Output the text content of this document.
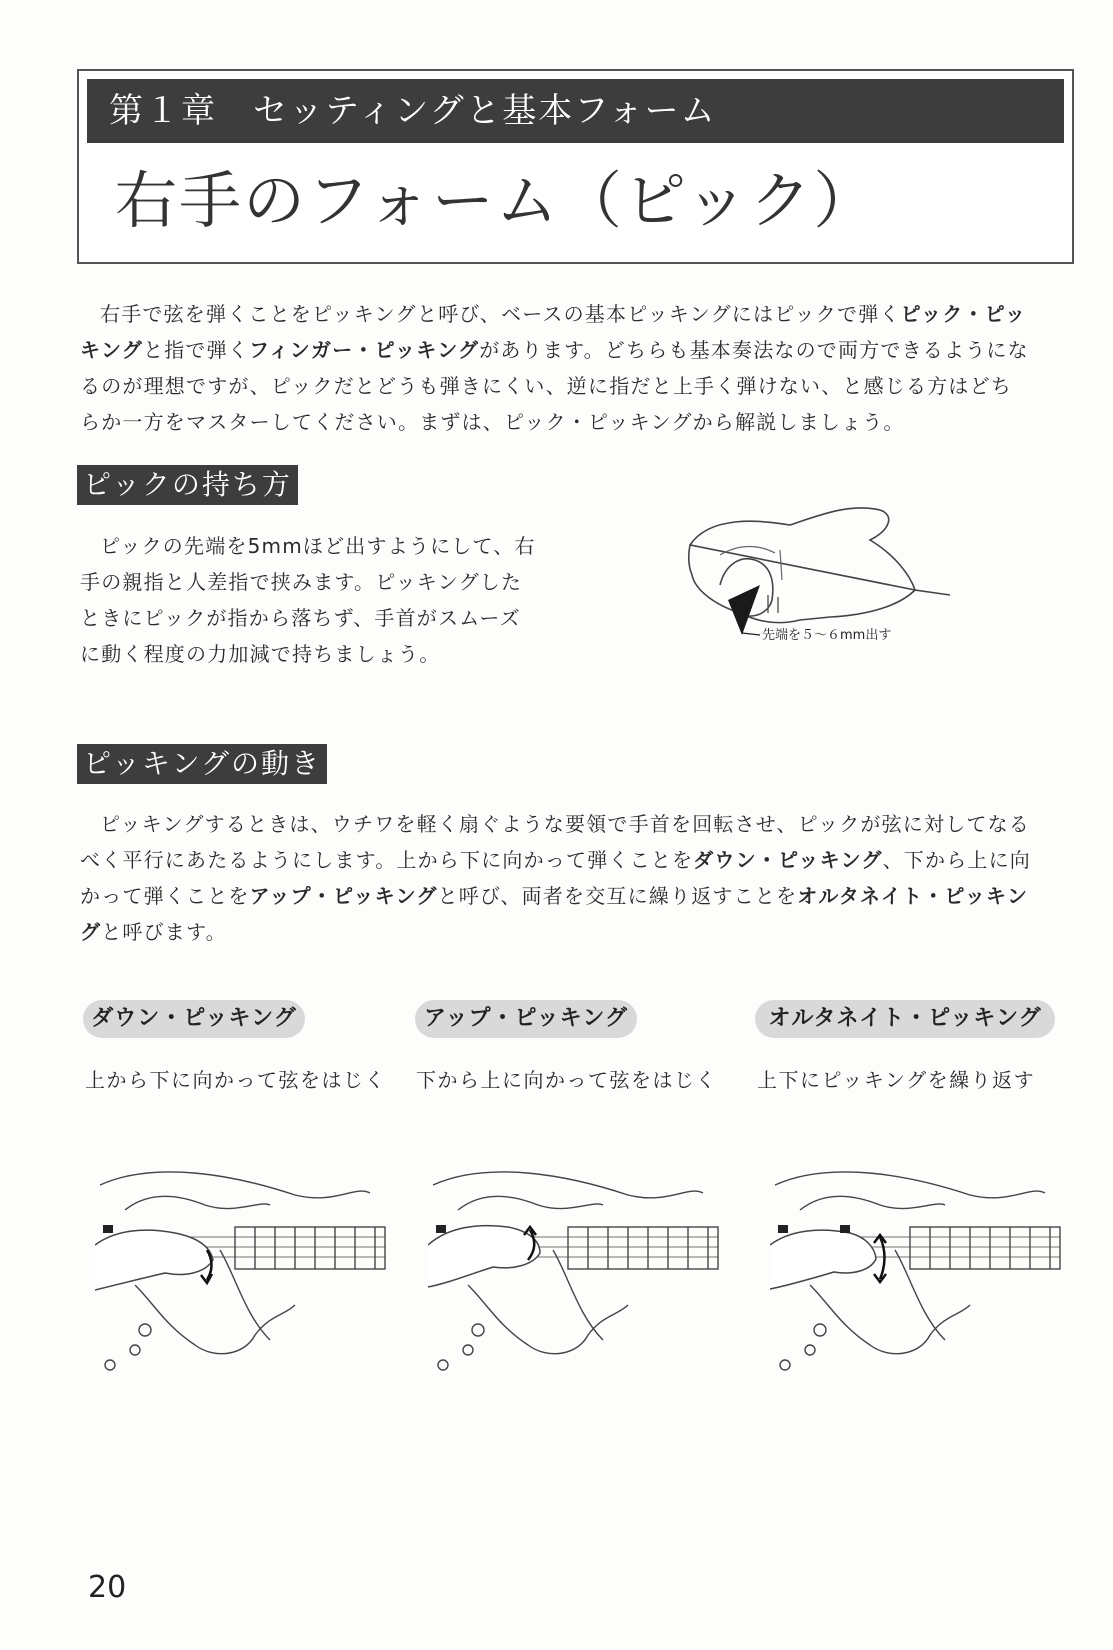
第１章　セッティングと基本フォーム
右手のフォーム（ピック）

右手で弦を弾くことをピッキングと呼び、ベースの基本ピッキングにはピックで弾くピック・ピッキングと指で弾くフィンガー・ピッキングがあります。どちらも基本奏法なので両方できるようになるのが理想ですが、ピックだとどうも弾きにくい、逆に指だと上手く弾けない、と感じる方はどちらか一方をマスターしてください。まずは、ピック・ピッキングから解説しましょう。

ピックの持ち方

ピックの先端を5mmほど出すようにして、右手の親指と人差指で挟みます。ピッキングしたときにピックが指から落ちず、手首がスムーズに動く程度の力加減で持ちましょう。

先端を５～６mm出す
ピッキングの動き

ピッキングするときは、ウチワを軽く扇ぐような要領で手首を回転させ、ピックが弦に対してなるべく平行にあたるようにします。上から下に向かって弾くことをダウン・ピッキング、下から上に向かって弾くことをアップ・ピッキングと呼び、両者を交互に繰り返すことをオルタネイト・ピッキングと呼びます。

ダウン・ピッキング	アップ・ピッキング	オルタネイト・ピッキング
上から下に向かって弦をはじく 下から上に向かって弦をはじく 上下にピッキングを繰り返す
20
